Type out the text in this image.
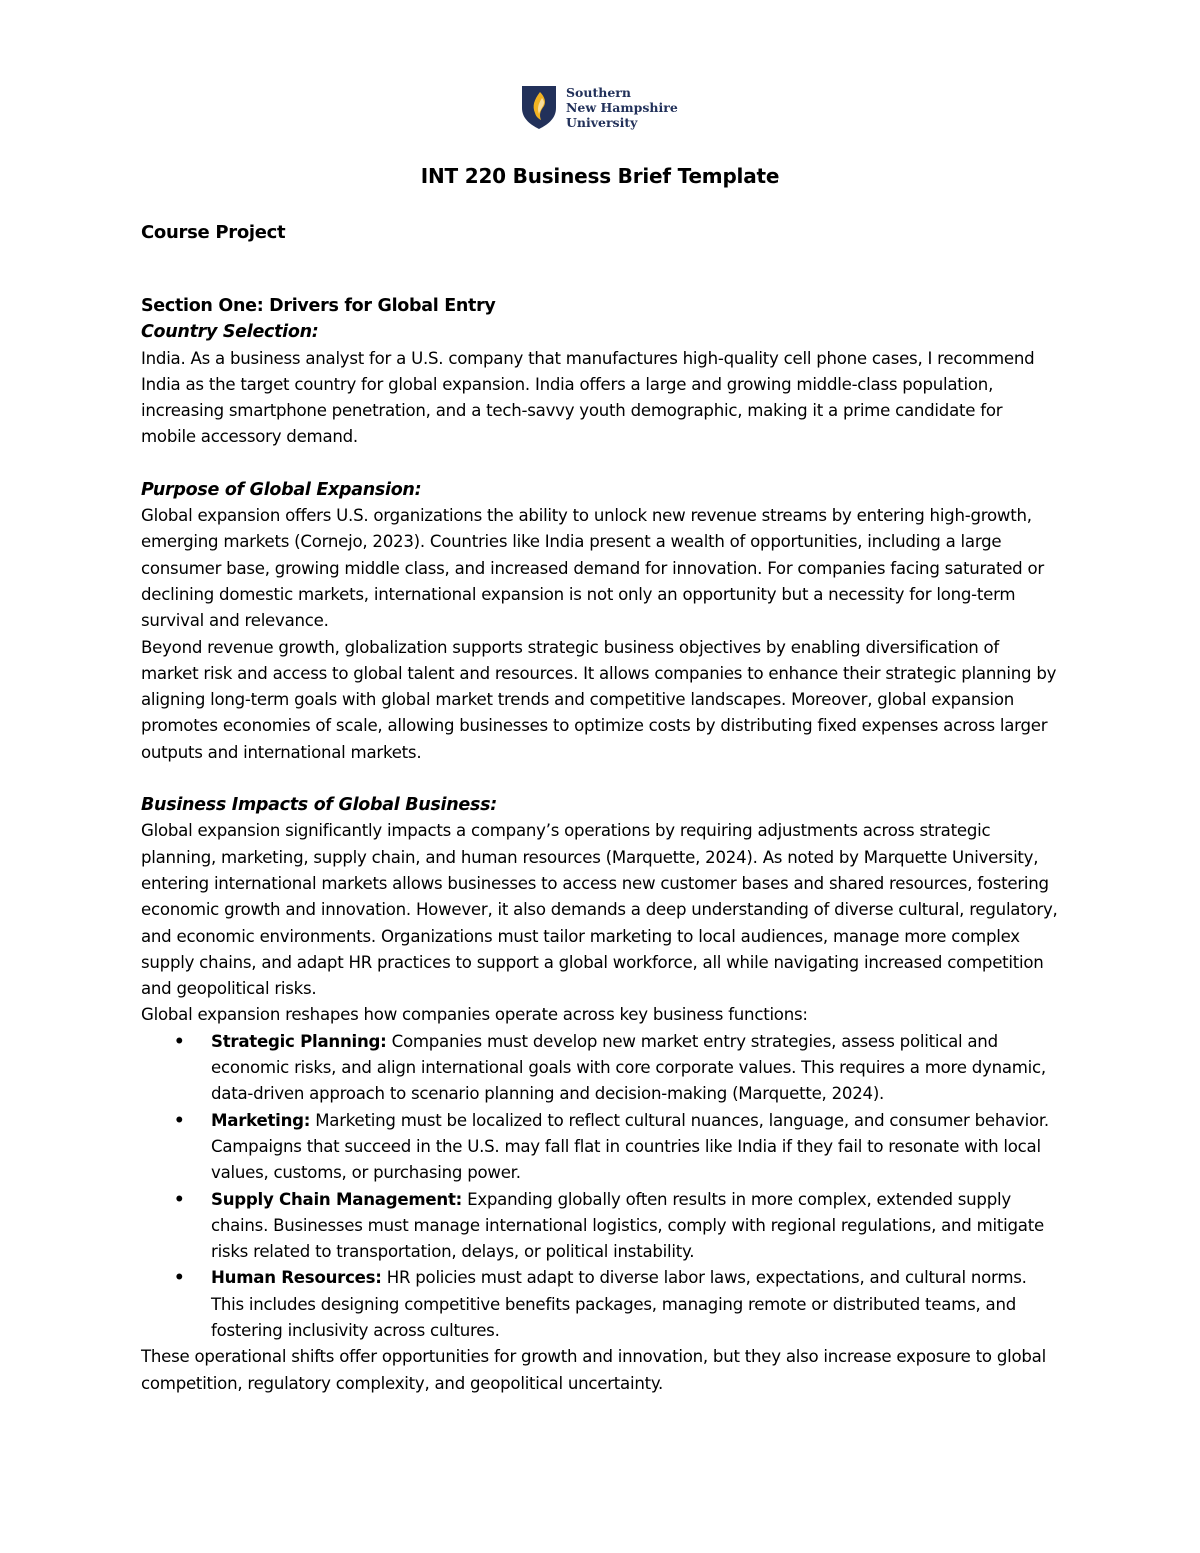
Southern
New Hampshire
University
INT 220 Business Brief Template

Course Project

Section One: Drivers for Global Entry

Country Selection:

India. As a business analyst for a U.S. company that manufactures high-quality cell phone cases, I recommend India as the target country for global expansion. India offers a large and growing middle-class population, increasing smartphone penetration, and a tech-savvy youth demographic, making it a prime candidate for mobile accessory demand.

Purpose of Global Expansion:

Global expansion offers U.S. organizations the ability to unlock new revenue streams by entering high-growth, emerging markets (Cornejo, 2023). Countries like India present a wealth of opportunities, including a large consumer base, growing middle class, and increased demand for innovation. For companies facing saturated or declining domestic markets, international expansion is not only an opportunity but a necessity for long-term survival and relevance.

Beyond revenue growth, globalization supports strategic business objectives by enabling diversification of market risk and access to global talent and resources. It allows companies to enhance their strategic planning by aligning long-term goals with global market trends and competitive landscapes. Moreover, global expansion promotes economies of scale, allowing businesses to optimize costs by distributing fixed expenses across larger outputs and international markets.

Business Impacts of Global Business:

Global expansion significantly impacts a company’s operations by requiring adjustments across strategic planning, marketing, supply chain, and human resources (Marquette, 2024). As noted by Marquette University, entering international markets allows businesses to access new customer bases and shared resources, fostering economic growth and innovation. However, it also demands a deep understanding of diverse cultural, regulatory, and economic environments. Organizations must tailor marketing to local audiences, manage more complex supply chains, and adapt HR practices to support a global workforce, all while navigating increased competition and geopolitical risks.

Global expansion reshapes how companies operate across key business functions:

• Strategic Planning: Companies must develop new market entry strategies, assess political and economic risks, and align international goals with core corporate values. This requires a more dynamic, data-driven approach to scenario planning and decision-making (Marquette, 2024).
• Marketing: Marketing must be localized to reflect cultural nuances, language, and consumer behavior. Campaigns that succeed in the U.S. may fall flat in countries like India if they fail to resonate with local values, customs, or purchasing power.
• Supply Chain Management: Expanding globally often results in more complex, extended supply chains. Businesses must manage international logistics, comply with regional regulations, and mitigate risks related to transportation, delays, or political instability.
• Human Resources: HR policies must adapt to diverse labor laws, expectations, and cultural norms. This includes designing competitive benefits packages, managing remote or distributed teams, and fostering inclusivity across cultures.

These operational shifts offer opportunities for growth and innovation, but they also increase exposure to global competition, regulatory complexity, and geopolitical uncertainty.
